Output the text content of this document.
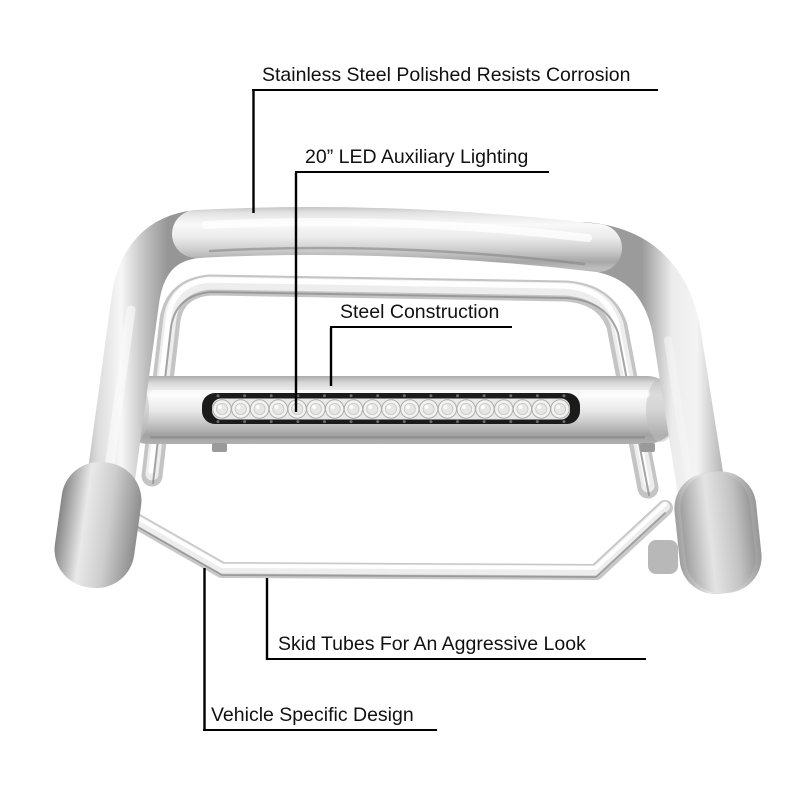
Stainless Steel Polished Resists Corrosion
20” LED Auxiliary Lighting
Steel Construction
Skid Tubes For An Aggressive Look
Vehicle Specific Design
